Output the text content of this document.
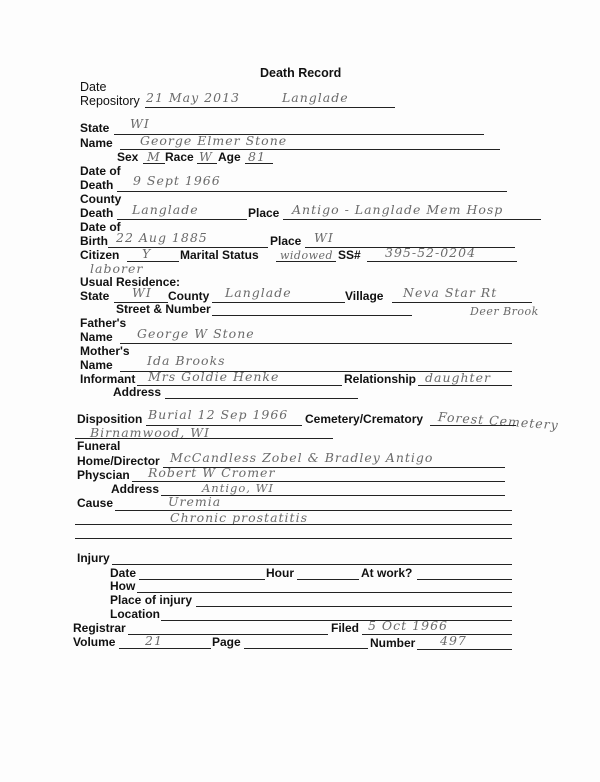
Death Record
Date
Repository 21 May 2013	Langlade
State WI
Name George Elmer Stone
Sex M Race W Age 81
Date of
Death 9 Sept 1966
County
Death Langlade	Place Antigo - Langlade Mem Hosp
Date of
Birth 22 Aug 1885	Place WI
Citizen Y Marital Status widowed SS# 395-52-0204
laborer
Usual Residence:
State WI County Langlade	Village Neva Star Rt
Street & Number	Deer Brook
Father's
Name George W Stone
Mother's
Name	Ida Brooks
Informant Mrs Goldie Henke	Relationship daughter
Address
Disposition Burial 12 Sep 1966 Cemetery/Crematory Forest Cemetery
Birnamwood, WI
Funeral
Home/Director McCandless Zobel & Bradley Antigo
Physcian Robert W Cromer
Address	Antigo, WI
Cause	Uremia
Chronic prostatitis
Injury
Date	Hour	At work?
How
Place of injury
Location
Registrar	Filed 5 Oct 1966
Volume 21	Page	Number 497
